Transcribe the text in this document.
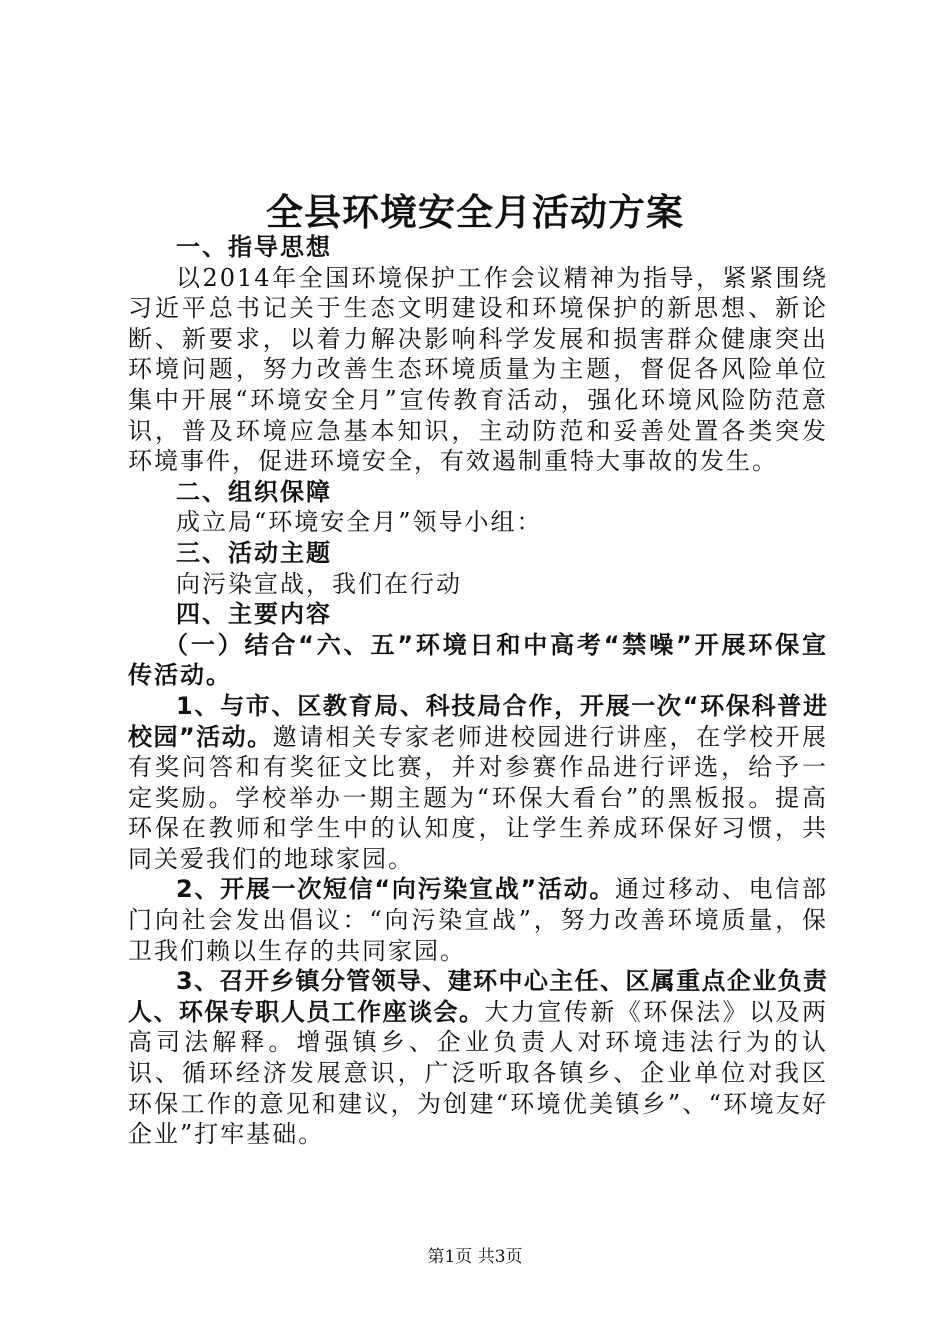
全县环境安全月活动方案

一、指导思想

以2014年全国环境保护工作会议精神为指导，紧紧围绕习近平总书记关于生态文明建设和环境保护的新思想、新论断、新要求，以着力解决影响科学发展和损害群众健康突出环境问题，努力改善生态环境质量为主题，督促各风险单位集中开展“环境安全月”宣传教育活动，强化环境风险防范意识，普及环境应急基本知识，主动防范和妥善处置各类突发环境事件，促进环境安全，有效遏制重特大事故的发生。

二、组织保障

成立局“环境安全月”领导小组：

三、活动主题

向污染宣战，我们在行动

四、主要内容

（一）结合“六、五”环境日和中高考“禁噪”开展环保宣传活动。

1、与市、区教育局、科技局合作，开展一次“环保科普进校园”活动。邀请相关专家老师进校园进行讲座，在学校开展有奖问答和有奖征文比赛，并对参赛作品进行评选，给予一定奖励。学校举办一期主题为“环保大看台”的黑板报。提高环保在教师和学生中的认知度，让学生养成环保好习惯，共同关爱我们的地球家园。

2、开展一次短信“向污染宣战”活动。通过移动、电信部门向社会发出倡议：“向污染宣战”，努力改善环境质量，保卫我们赖以生存的共同家园。

3、召开乡镇分管领导、建环中心主任、区属重点企业负责人、环保专职人员工作座谈会。大力宣传新《环保法》以及两高司法解释。增强镇乡、企业负责人对环境违法行为的认识、循环经济发展意识，广泛听取各镇乡、企业单位对我区环保工作的意见和建议，为创建“环境优美镇乡”、“环境友好企业”打牢基础。

第1页 共3页
